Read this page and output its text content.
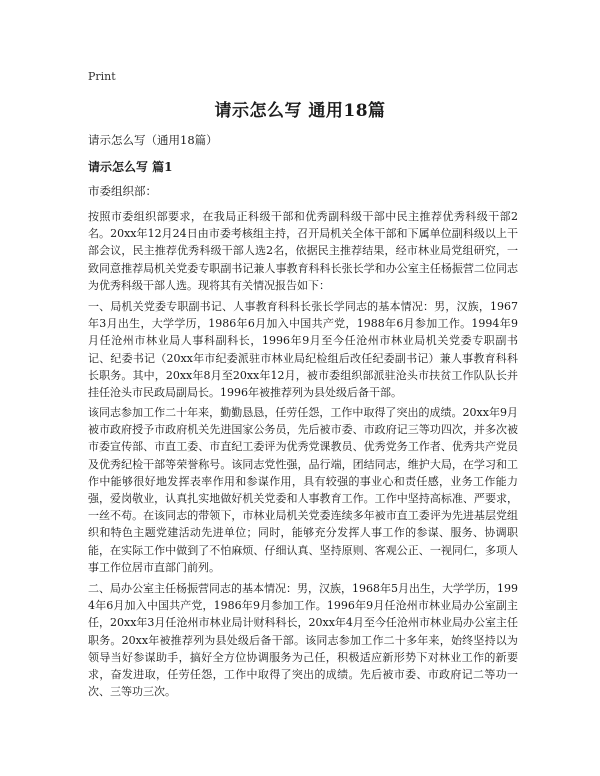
Print
请示怎么写 通用18篇
请示怎么写（通用18篇）
请示怎么写 篇1
市委组织部：
按照市委组织部要求，在我局正科级干部和优秀副科级干部中民主推荐优秀科级干部2名。20xx年12月24日由市委考核组主持，召开局机关全体干部和下属单位副科级以上干部会议，民主推荐优秀科级干部人选2名，依据民主推荐结果，经市林业局党组研究，一致同意推荐局机关党委专职副书记兼人事教育科科长张长学和办公室主任杨振营二位同志为优秀科级干部人选。现将其有关情况报告如下：
一、局机关党委专职副书记、人事教育科科长张长学同志的基本情况：男，汉族，1967年3月出生，大学学历，1986年6月加入中国共产党，1988年6月参加工作。1994年9月任沧州市林业局人事科副科长，1996年9月至今任沧州市林业局机关党委专职副书记、纪委书记（20xx年市纪委派驻市林业局纪检组后改任纪委副书记）兼人事教育科科长职务。其中，20xx年8月至20xx年12月，被市委组织部派驻沧头市扶贫工作队队长并挂任沧头市民政局副局长。1996年被推荐列为县处级后备干部。
该同志参加工作二十年来，勤勤恳恳，任劳任怨，工作中取得了突出的成绩。20xx年9月被市政府授予市政府机关先进国家公务员，先后被市委、市政府记三等功四次，并多次被市委宣传部、市直工委、市直纪工委评为优秀党课教员、优秀党务工作者、优秀共产党员及优秀纪检干部等荣誉称号。该同志党性强，品行端，团结同志，维护大局，在学习和工作中能够很好地发挥表率作用和参谋作用，具有较强的事业心和责任感，业务工作能力强，爱岗敬业，认真扎实地做好机关党委和人事教育工作。工作中坚持高标准、严要求，一丝不苟。在该同志的带领下，市林业局机关党委连续多年被市直工委评为先进基层党组织和特色主题党建活动先进单位；同时，能够充分发挥人事工作的参谋、服务、协调职能，在实际工作中做到了不怕麻烦、仔细认真、坚持原则、客观公正、一视同仁，多项人事工作位居市直部门前列。
二、局办公室主任杨振营同志的基本情况：男，汉族，1968年5月出生，大学学历，1994年6月加入中国共产党，1986年9月参加工作。1996年9月任沧州市林业局办公室副主任，20xx年3月任沧州市林业局计财科科长，20xx年4月至今任沧州市林业局办公室主任职务。20xx年被推荐列为县处级后备干部。该同志参加工作二十多年来，始终坚持以为领导当好参谋助手，搞好全方位协调服务为己任，积极适应新形势下对林业工作的新要求，奋发进取，任劳任怨，工作中取得了突出的成绩。先后被市委、市政府记二等功一次、三等功三次。
